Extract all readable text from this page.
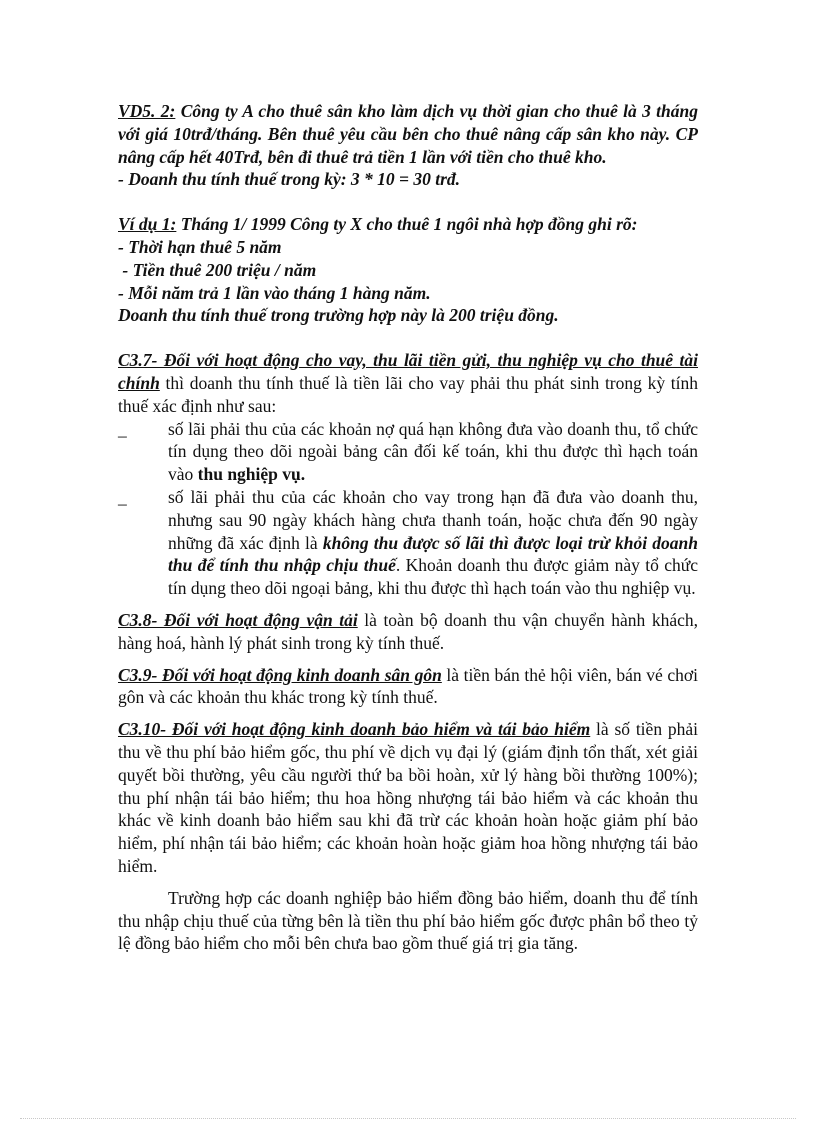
VD5. 2: Công ty A cho thuê sân kho làm dịch vụ thời gian cho thuê là 3 tháng với giá 10trđ/tháng. Bên thuê yêu cầu bên cho thuê nâng cấp sân kho này. CP nâng cấp hết 40Trđ, bên đi thuê trả tiền 1 lần với tiền cho thuê kho.

- Doanh thu tính thuế trong kỳ: 3 * 10 = 30 trđ.

Ví dụ 1: Tháng 1/ 1999 Công ty X cho thuê 1 ngôi nhà hợp đồng ghi rõ:

- Thời hạn thuê 5 năm

- Tiền thuê 200 triệu / năm

- Mỗi năm trả 1 lần vào tháng 1 hàng năm.

Doanh thu tính thuế trong trường hợp này là 200 triệu đồng.

C3.7- Đối với hoạt động cho vay, thu lãi tiền gửi, thu nghiệp vụ cho thuê tài chính thì doanh thu tính thuế là tiền lãi cho vay phải thu phát sinh trong kỳ tính thuế xác định như sau:

_ số lãi phải thu của các khoản nợ quá hạn không đưa vào doanh thu, tổ chức tín dụng theo dõi ngoài bảng cân đối kế toán, khi thu được thì hạch toán vào thu nghiệp vụ.

_ số lãi phải thu của các khoản cho vay trong hạn đã đưa vào doanh thu, nhưng sau 90 ngày khách hàng chưa thanh toán, hoặc chưa đến 90 ngày những đã xác định là không thu được số lãi thì được loại trừ khỏi doanh thu để tính thu nhập chịu thuế. Khoản doanh thu được giảm này tổ chức tín dụng theo dõi ngoại bảng, khi thu được thì hạch toán vào thu nghiệp vụ.

C3.8- Đối với hoạt động vận tải là toàn bộ doanh thu vận chuyển hành khách, hàng hoá, hành lý phát sinh trong kỳ tính thuế.

C3.9- Đối với hoạt động kinh doanh sân gôn là tiền bán thẻ hội viên, bán vé chơi gôn và các khoản thu khác trong kỳ tính thuế.

C3.10- Đối với hoạt động kinh doanh bảo hiểm và tái bảo hiểm là số tiền phải thu về thu phí bảo hiểm gốc, thu phí về dịch vụ đại lý (giám định tổn thất, xét giải quyết bồi thường, yêu cầu người thứ ba bồi hoàn, xử lý hàng bồi thường 100%); thu phí nhận tái bảo hiểm; thu hoa hồng nhượng tái bảo hiểm và các khoản thu khác về kinh doanh bảo hiểm sau khi đã trừ các khoản hoàn hoặc giảm phí bảo hiểm, phí nhận tái bảo hiểm; các khoản hoàn hoặc giảm hoa hồng nhượng tái bảo hiểm.

Trường hợp các doanh nghiệp bảo hiểm đồng bảo hiểm, doanh thu để tính thu nhập chịu thuế của từng bên là tiền thu phí bảo hiểm gốc được phân bổ theo tỷ lệ đồng bảo hiểm cho mỗi bên chưa bao gồm thuế giá trị gia tăng.
